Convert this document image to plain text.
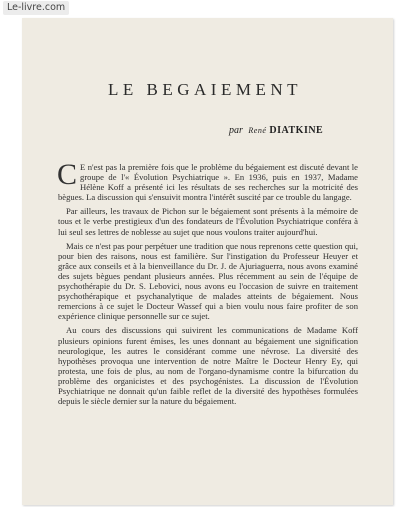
Le-livre.com
LE BEGAIEMENT
par René DIATKINE

C E n'est pas la première fois que le problème du bégaiement est discuté devant le groupe de l'« Évolution Psychiatrique ». En 1936, puis en 1937, Madame Hélène Koff a présenté ici les résultats de ses recherches sur la motricité des bègues. La discussion qui s'ensuivit montra l'intérêt suscité par ce trouble du langage.

Par ailleurs, les travaux de Pichon sur le bégaiement sont présents à la mémoire de tous et le verbe prestigieux d'un des fondateurs de l'Évolution Psychiatrique conféra à lui seul ses lettres de noblesse au sujet que nous voulons traiter aujourd'hui.

Mais ce n'est pas pour perpétuer une tradition que nous reprenons cette question qui, pour bien des raisons, nous est familière. Sur l'instigation du Professeur Heuyer et grâce aux conseils et à la bienveillance du Dr. J. de Ajuriaguerra, nous avons examiné des sujets bègues pendant plusieurs années. Plus récemment au sein de l'équipe de psychothérapie du Dr. S. Lebovici, nous avons eu l'occasion de suivre en traitement psychothérapique et psychanalytique de malades atteints de bégaiement. Nous remercions à ce sujet le Docteur Wassef qui a bien voulu nous faire profiter de son expérience clinique personnelle sur ce sujet.

Au cours des discussions qui suivirent les communications de Madame Koff plusieurs opinions furent émises, les unes donnant au bégaiement une signification neurologique, les autres le considérant comme une névrose. La diversité des hypothèses provoqua une intervention de notre Maître le Docteur Henry Ey, qui protesta, une fois de plus, au nom de l'organo-dynamisme contre la bifurcation du problème des organicistes et des psychogénistes. La discussion de l'Évolution Psychiatrique ne donnait qu'un faible reflet de la diversité des hypothèses formulées depuis le siècle dernier sur la nature du bégaiement.
